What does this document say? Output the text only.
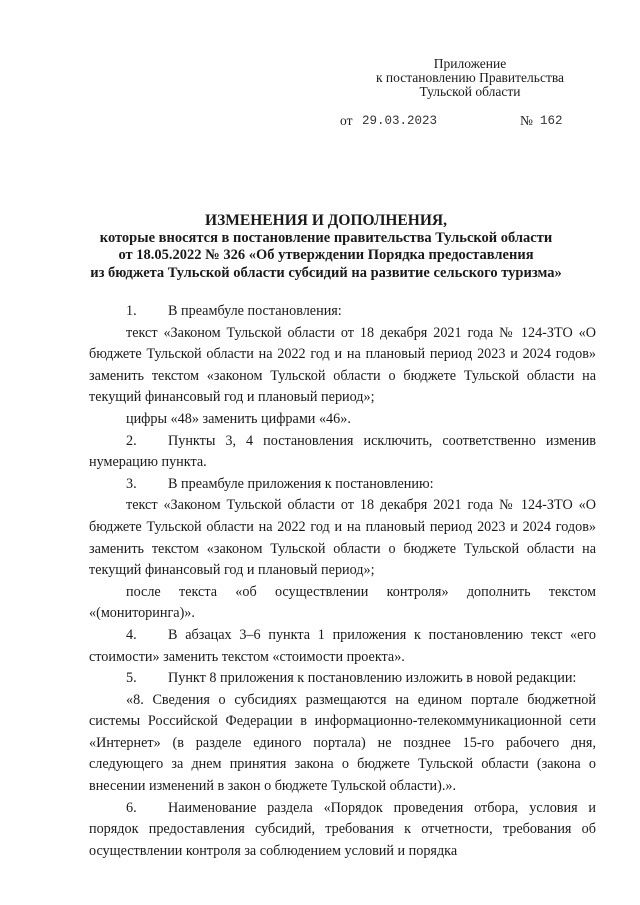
Приложение
к постановлению Правительства
Тульской области
от 29.03.2023	№ 162
ИЗМЕНЕНИЯ И ДОПОЛНЕНИЯ,
которые вносятся в постановление правительства Тульской области
от 18.05.2022 № 326 «Об утверждении Порядка предоставления
из бюджета Тульской области субсидий на развитие сельского туризма»

1. В преамбуле постановления:

текст «Законом Тульской области от 18 декабря 2021 года № 124-ЗТО «О бюджете Тульской области на 2022 год и на плановый период 2023 и 2024 годов» заменить текстом «законом Тульской области о бюджете Тульской области на текущий финансовый год и плановый период»;

цифры «48» заменить цифрами «46».

2. Пункты 3, 4 постановления исключить, соответственно изменив нумерацию пункта.

3. В преамбуле приложения к постановлению:

текст «Законом Тульской области от 18 декабря 2021 года № 124-ЗТО «О бюджете Тульской области на 2022 год и на плановый период 2023 и 2024 годов» заменить текстом «законом Тульской области о бюджете Тульской области на текущий финансовый год и плановый период»;

после текста «об осуществлении контроля» дополнить текстом «(мониторинга)».

4. В абзацах 3–6 пункта 1 приложения к постановлению текст «его стоимости» заменить текстом «стоимости проекта».

5. Пункт 8 приложения к постановлению изложить в новой редакции:

«8. Сведения о субсидиях размещаются на едином портале бюджетной системы Российской Федерации в информационно-телекоммуникационной сети «Интернет» (в разделе единого портала) не позднее 15-го рабочего дня, следующего за днем принятия закона о бюджете Тульской области (закона о внесении изменений в закон о бюджете Тульской области).».

6. Наименование раздела «Порядок проведения отбора, условия и порядок предоставления субсидий, требования к отчетности, требования об осуществлении контроля за соблюдением условий и порядка
